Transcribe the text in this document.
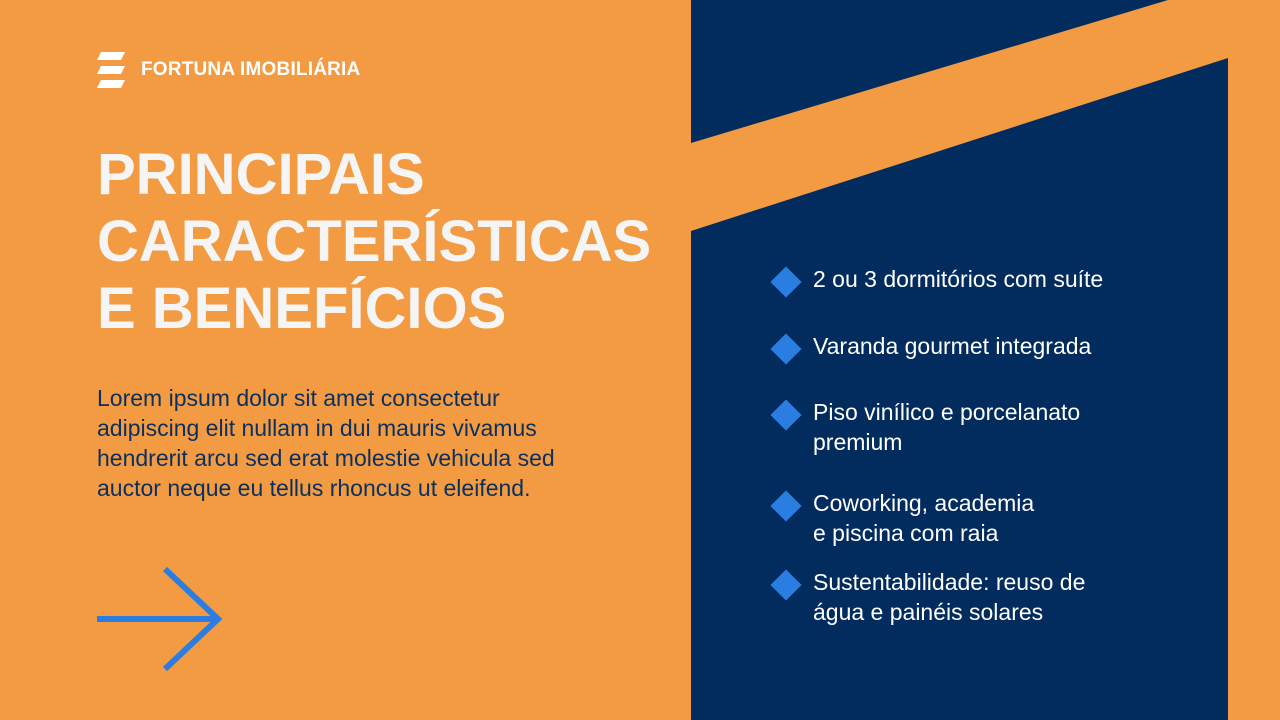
FORTUNA IMOBILIÁRIA
PRINCIPAIS
CARACTERÍSTICAS
E BENEFÍCIOS

Lorem ipsum dolor sit amet consectetur adipiscing elit nullam in dui mauris vivamus hendrerit arcu sed erat molestie vehicula sed auctor neque eu tellus rhoncus ut eleifend.

2 ou 3 dormitórios com suíte
Varanda gourmet integrada
Piso vinílico e porcelanato
premium
Coworking, academia
e piscina com raia
Sustentabilidade: reuso de
água e painéis solares
